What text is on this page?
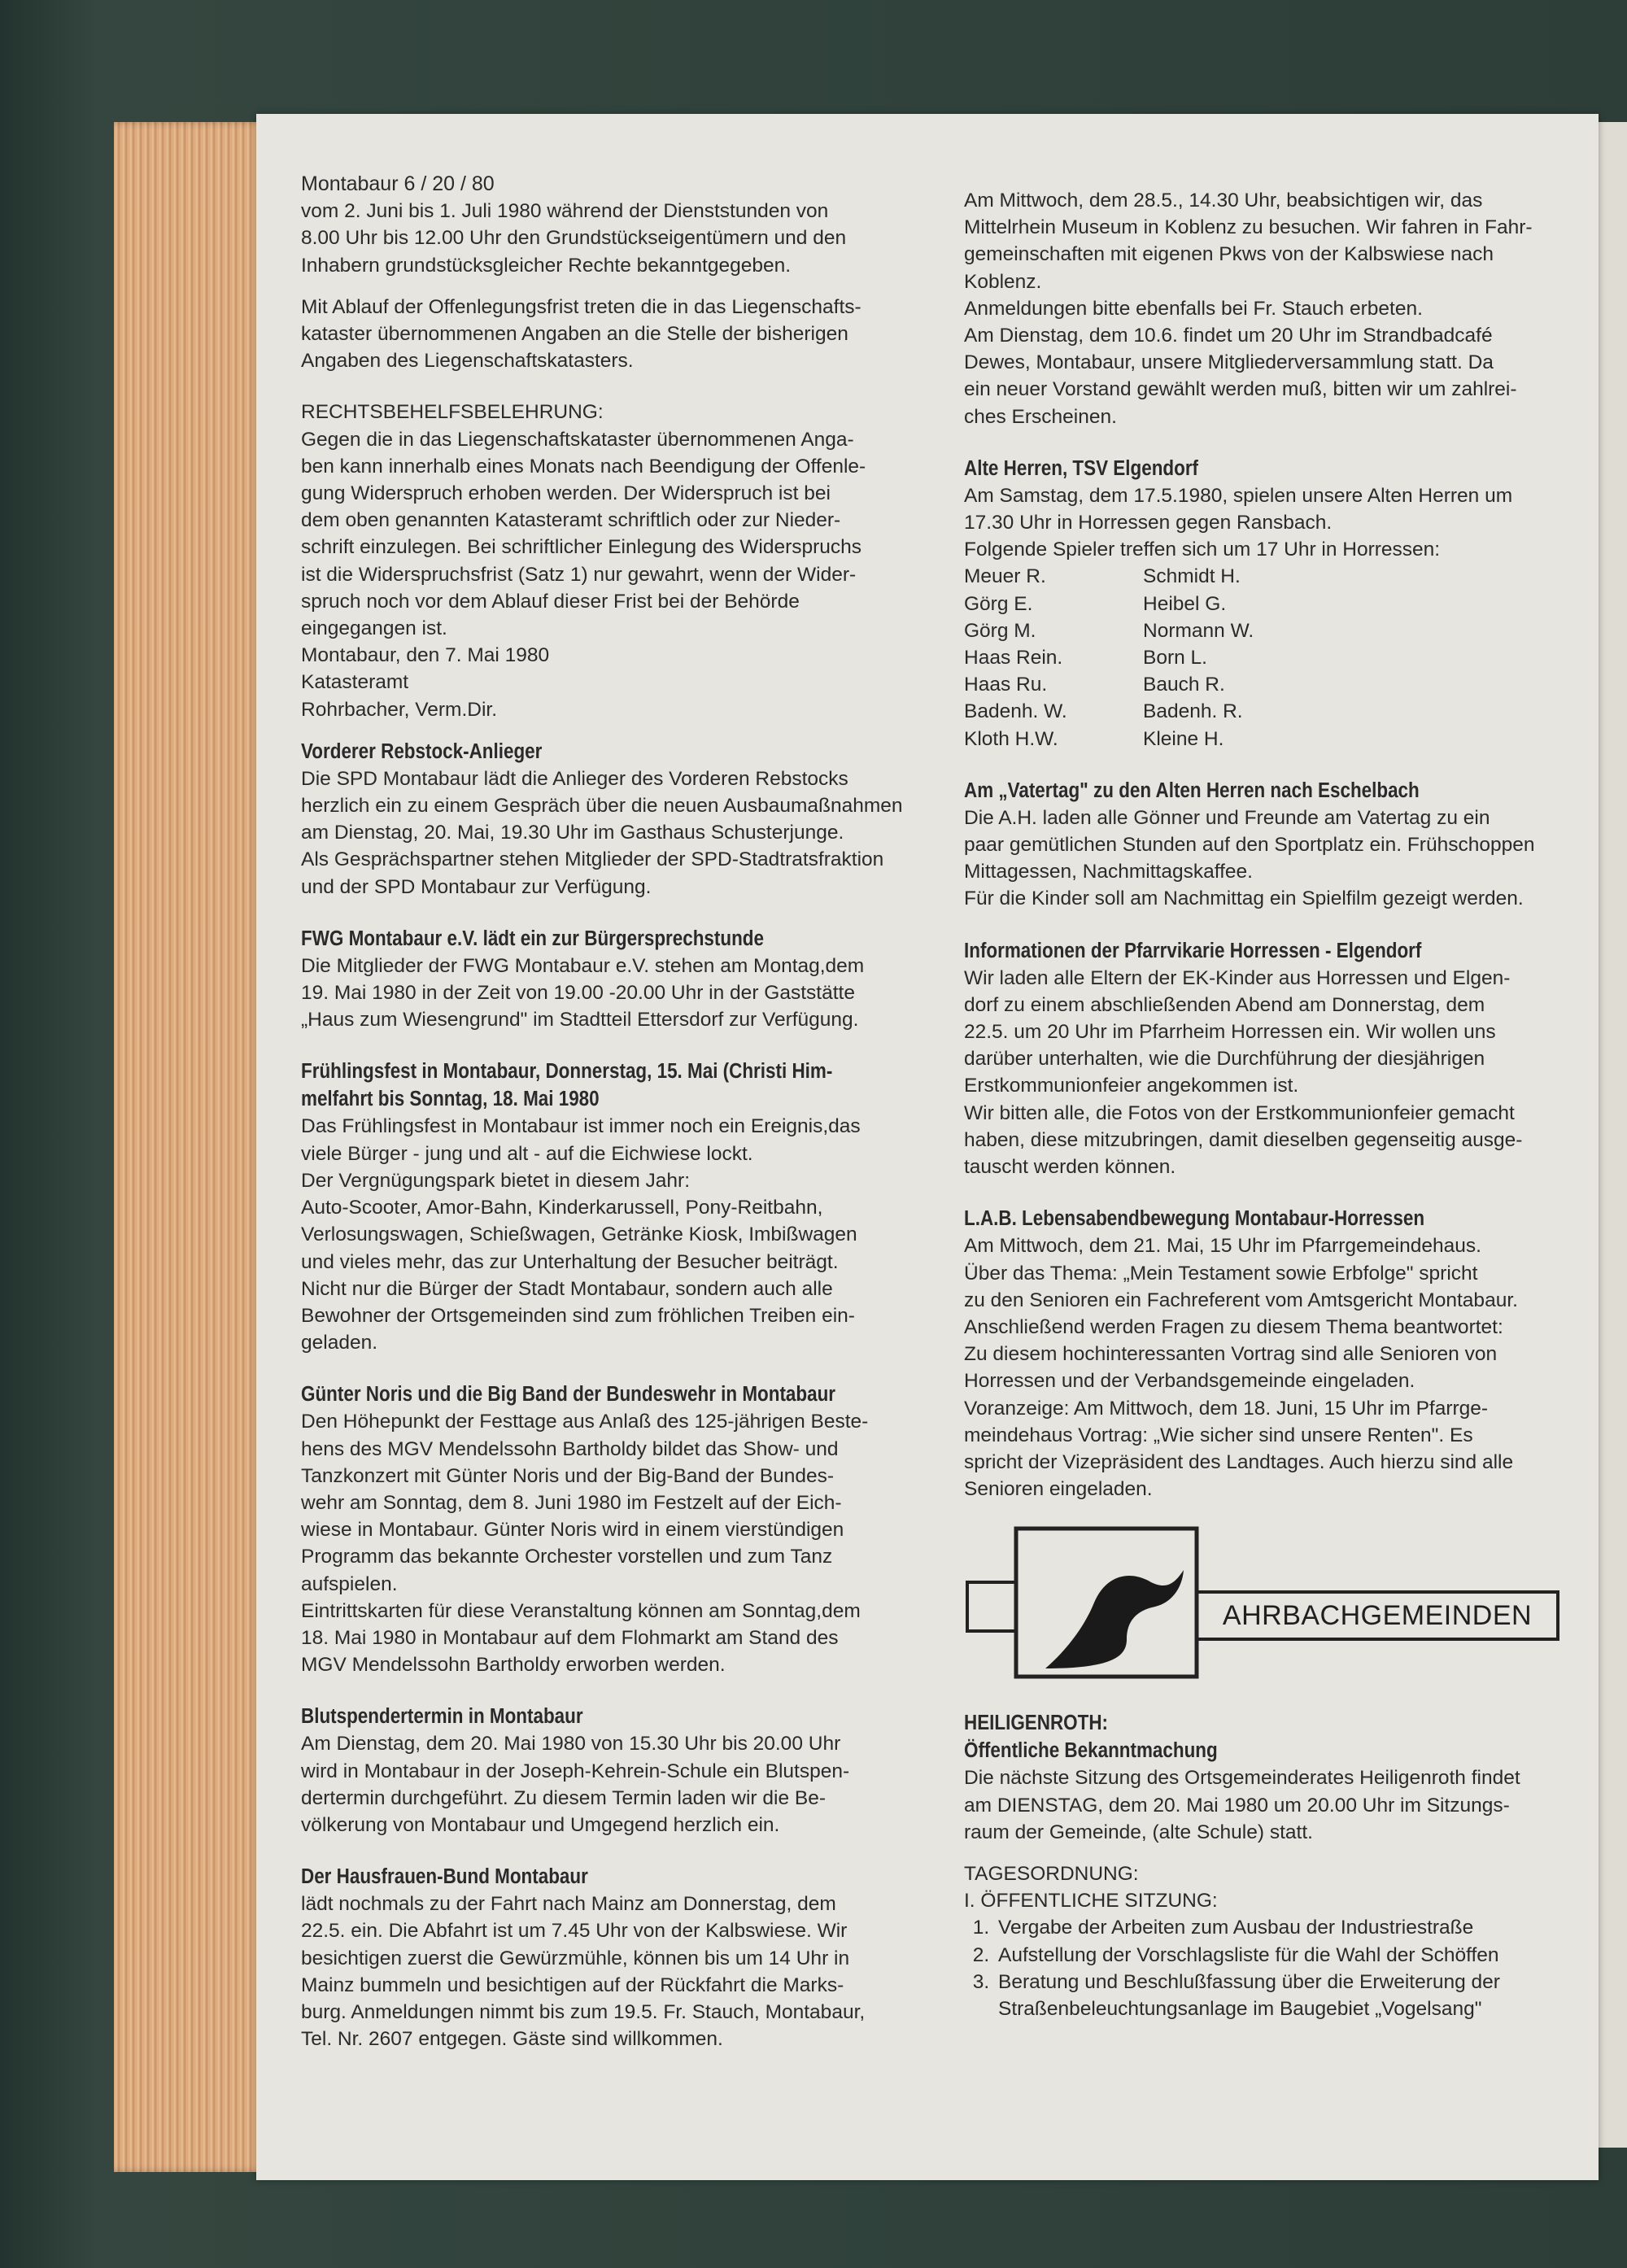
Montabaur 6 / 20 / 80

vom 2. Juni bis 1. Juli 1980 während der Dienststunden von

8.00 Uhr bis 12.00 Uhr den Grundstückseigentümern und den

Inhabern grundstücksgleicher Rechte bekanntgegeben.

Mit Ablauf der Offenlegungsfrist treten die in das Liegenschafts-

kataster übernommenen Angaben an die Stelle der bisherigen

Angaben des Liegenschaftskatasters.

RECHTSBEHELFSBELEHRUNG:

Gegen die in das Liegenschaftskataster übernommenen Anga-

ben kann innerhalb eines Monats nach Beendigung der Offenle-

gung Widerspruch erhoben werden. Der Widerspruch ist bei

dem oben genannten Katasteramt schriftlich oder zur Nieder-

schrift einzulegen. Bei schriftlicher Einlegung des Widerspruchs

ist die Widerspruchsfrist (Satz 1) nur gewahrt, wenn der Wider-

spruch noch vor dem Ablauf dieser Frist bei der Behörde

eingegangen ist.

Montabaur, den 7. Mai 1980

Katasteramt

Rohrbacher, Verm.Dir.

Vorderer Rebstock-Anlieger

Die SPD Montabaur lädt die Anlieger des Vorderen Rebstocks

herzlich ein zu einem Gespräch über die neuen Ausbaumaßnahmen

am Dienstag, 20. Mai, 19.30 Uhr im Gasthaus Schusterjunge.

Als Gesprächspartner stehen Mitglieder der SPD-Stadtratsfraktion

und der SPD Montabaur zur Verfügung.

FWG Montabaur e.V. lädt ein zur Bürgersprechstunde

Die Mitglieder der FWG Montabaur e.V. stehen am Montag,dem

19. Mai 1980 in der Zeit von 19.00 -20.00 Uhr in der Gaststätte

„Haus zum Wiesengrund" im Stadtteil Ettersdorf zur Verfügung.

Frühlingsfest in Montabaur, Donnerstag, 15. Mai (Christi Him-
melfahrt bis Sonntag, 18. Mai 1980

Das Frühlingsfest in Montabaur ist immer noch ein Ereignis,das

viele Bürger - jung und alt - auf die Eichwiese lockt.

Der Vergnügungspark bietet in diesem Jahr:

Auto-Scooter, Amor-Bahn, Kinderkarussell, Pony-Reitbahn,

Verlosungswagen, Schießwagen, Getränke Kiosk, Imbißwagen

und vieles mehr, das zur Unterhaltung der Besucher beiträgt.

Nicht nur die Bürger der Stadt Montabaur, sondern auch alle

Bewohner der Ortsgemeinden sind zum fröhlichen Treiben ein-

geladen.

Günter Noris und die Big Band der Bundeswehr in Montabaur

Den Höhepunkt der Festtage aus Anlaß des 125-jährigen Beste-

hens des MGV Mendelssohn Bartholdy bildet das Show- und

Tanzkonzert mit Günter Noris und der Big-Band der Bundes-

wehr am Sonntag, dem 8. Juni 1980 im Festzelt auf der Eich-

wiese in Montabaur. Günter Noris wird in einem vierstündigen

Programm das bekannte Orchester vorstellen und zum Tanz

aufspielen.

Eintrittskarten für diese Veranstaltung können am Sonntag,dem

18. Mai 1980 in Montabaur auf dem Flohmarkt am Stand des

MGV Mendelssohn Bartholdy erworben werden.

Blutspendertermin in Montabaur

Am Dienstag, dem 20. Mai 1980 von 15.30 Uhr bis 20.00 Uhr

wird in Montabaur in der Joseph-Kehrein-Schule ein Blutspen-

dertermin durchgeführt. Zu diesem Termin laden wir die Be-

völkerung von Montabaur und Umgegend herzlich ein.

Der Hausfrauen-Bund Montabaur

lädt nochmals zu der Fahrt nach Mainz am Donnerstag, dem

22.5. ein. Die Abfahrt ist um 7.45 Uhr von der Kalbswiese. Wir

besichtigen zuerst die Gewürzmühle, können bis um 14 Uhr in

Mainz bummeln und besichtigen auf der Rückfahrt die Marks-

burg. Anmeldungen nimmt bis zum 19.5. Fr. Stauch, Montabaur,

Tel. Nr. 2607 entgegen. Gäste sind willkommen.

Am Mittwoch, dem 28.5., 14.30 Uhr, beabsichtigen wir, das

Mittelrhein Museum in Koblenz zu besuchen. Wir fahren in Fahr-

gemeinschaften mit eigenen Pkws von der Kalbswiese nach

Koblenz.

Anmeldungen bitte ebenfalls bei Fr. Stauch erbeten.

Am Dienstag, dem 10.6. findet um 20 Uhr im Strandbadcafé

Dewes, Montabaur, unsere Mitgliederversammlung statt. Da

ein neuer Vorstand gewählt werden muß, bitten wir um zahlrei-

ches Erscheinen.

Alte Herren, TSV Elgendorf

Am Samstag, dem 17.5.1980, spielen unsere Alten Herren um

17.30 Uhr in Horressen gegen Ransbach.

Folgende Spieler treffen sich um 17 Uhr in Horressen:

Meuer R.
Görg E.
Görg M.
Haas Rein.
Haas Ru.
Badenh. W.
Kloth H.W.
Schmidt H.
Heibel G.
Normann W.
Born L.
Bauch R.
Badenh. R.
Kleine H.
Am „Vatertag" zu den Alten Herren nach Eschelbach

Die A.H. laden alle Gönner und Freunde am Vatertag zu ein

paar gemütlichen Stunden auf den Sportplatz ein. Frühschoppen

Mittagessen, Nachmittagskaffee.

Für die Kinder soll am Nachmittag ein Spielfilm gezeigt werden.

Informationen der Pfarrvikarie Horressen - Elgendorf

Wir laden alle Eltern der EK-Kinder aus Horressen und Elgen-

dorf zu einem abschließenden Abend am Donnerstag, dem

22.5. um 20 Uhr im Pfarrheim Horressen ein. Wir wollen uns

darüber unterhalten, wie die Durchführung der diesjährigen

Erstkommunionfeier angekommen ist.

Wir bitten alle, die Fotos von der Erstkommunionfeier gemacht

haben, diese mitzubringen, damit dieselben gegenseitig ausge-

tauscht werden können.

L.A.B. Lebensabendbewegung Montabaur-Horressen

Am Mittwoch, dem 21. Mai, 15 Uhr im Pfarrgemeindehaus.

Über das Thema: „Mein Testament sowie Erbfolge" spricht

zu den Senioren ein Fachreferent vom Amtsgericht Montabaur.

Anschließend werden Fragen zu diesem Thema beantwortet:

Zu diesem hochinteressanten Vortrag sind alle Senioren von

Horressen und der Verbandsgemeinde eingeladen.

Voranzeige: Am Mittwoch, dem 18. Juni, 15 Uhr im Pfarrge-

meindehaus Vortrag: „Wie sicher sind unsere Renten". Es

spricht der Vizepräsident des Landtages. Auch hierzu sind alle

Senioren eingeladen.

AHRBACHGEMEINDEN
HEILIGENROTH:
Öffentliche Bekanntmachung

Die nächste Sitzung des Ortsgemeinderates Heiligenroth findet

am DIENSTAG, dem 20. Mai 1980 um 20.00 Uhr im Sitzungs-

raum der Gemeinde, (alte Schule) statt.

TAGESORDNUNG:

I. ÖFFENTLICHE SITZUNG:

1. Vergabe der Arbeiten zum Ausbau der Industriestraße
2. Aufstellung der Vorschlagsliste für die Wahl der Schöffen
3. Beratung und Beschlußfassung über die Erweiterung der Straßenbeleuchtungsanlage im Baugebiet „Vogelsang"
